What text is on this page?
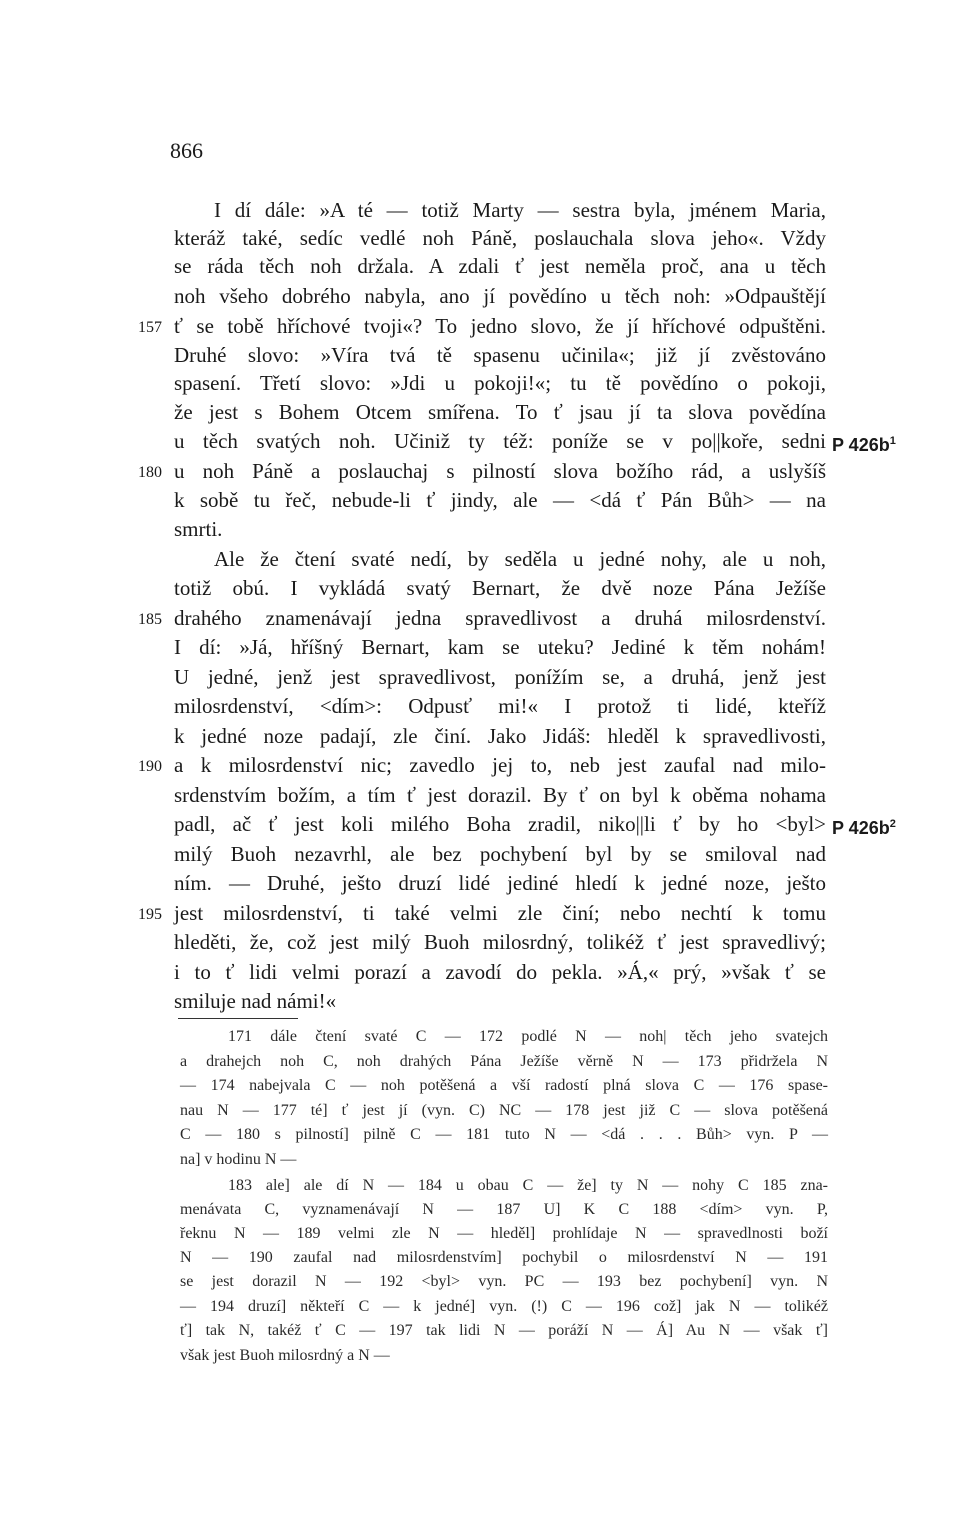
866
I dí dále: »A té — totiž Marty — sestra byla, jménem Maria,
kteráž také, sedíc vedlé noh Páně, poslauchala slova jeho«. Vždy
se ráda těch noh držala. A zdali ť jest neměla proč, ana u těch
noh všeho dobrého nabyla, ano jí povědíno u těch noh: »Odpauštějí
ť se tobě hříchové tvoji«? To jedno slovo, že jí hříchové odpuštěni.
Druhé slovo: »Víra tvá tě spasenu učinila«; již jí zvěstováno
spasení. Třetí slovo: »Jdi u pokoji!«; tu tě povědíno o pokoji,
že jest s Bohem Otcem smířena. To ť jsau jí ta slova povědína
u těch svatých noh. Učiniž ty též: poníže se v po||koře, sedni
u noh Páně a poslauchaj s pilností slova božího rád, a uslyšíš
k sobě tu řeč, nebude-li ť jindy, ale — <dá ť Pán Bůh> — na
smrti.
Ale že čtení svaté nedí, by seděla u jedné nohy, ale u noh,
totiž obú. I vykládá svatý Bernart, že dvě noze Pána Ježíše
drahého znamenávají jedna spravedlivost a druhá milosrdenství.
I dí: »Já, hříšný Bernart, kam se uteku? Jediné k těm nohám!
U jedné, jenž jest spravedlivost, ponížím se, a druhá, jenž jest
milosrdenství, <dím>: Odpusť mi!« I protož ti lidé, kteříž
k jedné noze padají, zle činí. Jako Jidáš: hleděl k spravedlivosti,
a k milosrdenství nic; zavedlo jej to, neb jest zaufal nad milo-
srdenstvím božím, a tím ť jest dorazil. By ť on byl k oběma nohama
padl, ač ť jest koli milého Boha zradil, niko||li ť by ho <byl>
milý Buoh nezavrhl, ale bez pochybení byl by se smiloval nad
ním. — Druhé, ješto druzí lidé jediné hledí k jedné noze, ješto
jest milosrdenství, ti také velmi zle činí; nebo nechtí k tomu
hleděti, že, což jest milý Buoh milosrdný, tolikéž ť jest spravedlivý;
i to ť lidi velmi porazí a zavodí do pekla. »Á,« prý, »však ť se
smiluje nad námi!«
157
180
185
190
195
P $426b^1$
P $426b^2$
171 dále čtení svaté C — 172 podlé N — noh| těch jeho svatejch
a drahejch noh C, noh drahých Pána Ježíše věrně N — 173 přidržela N
— 174 nabejvala C — noh potěšená a vší radostí plná slova C — 176 spase-
nau N — 177 té] ť jest jí (vyn. C) NC — 178 jest již C — slova potěšená
C — 180 s pilností] pilně C — 181 tuto N — <dá . . . Bůh> vyn. P —
na] v hodinu N —
183 ale] ale dí N — 184 u obau C — že] ty N — nohy C 185 zna-
menávata C, vyznamenávají N — 187 U] K C 188 <dím> vyn. P,
řeknu N — 189 velmi zle N — hleděl] prohlídaje N — spravedlnosti boží
N — 190 zaufal nad milosrdenstvím] pochybil o milosrdenství N — 191
se jest dorazil N — 192 <byl> vyn. PC — 193 bez pochybení] vyn. N
— 194 druzí] někteří C — k jedné] vyn. (!) C — 196 což] jak N — tolikéž
ť] tak N, takéž ť C — 197 tak lidi N — poráží N — Á] Au N — však ť]
však jest Buoh milosrdný a N —
